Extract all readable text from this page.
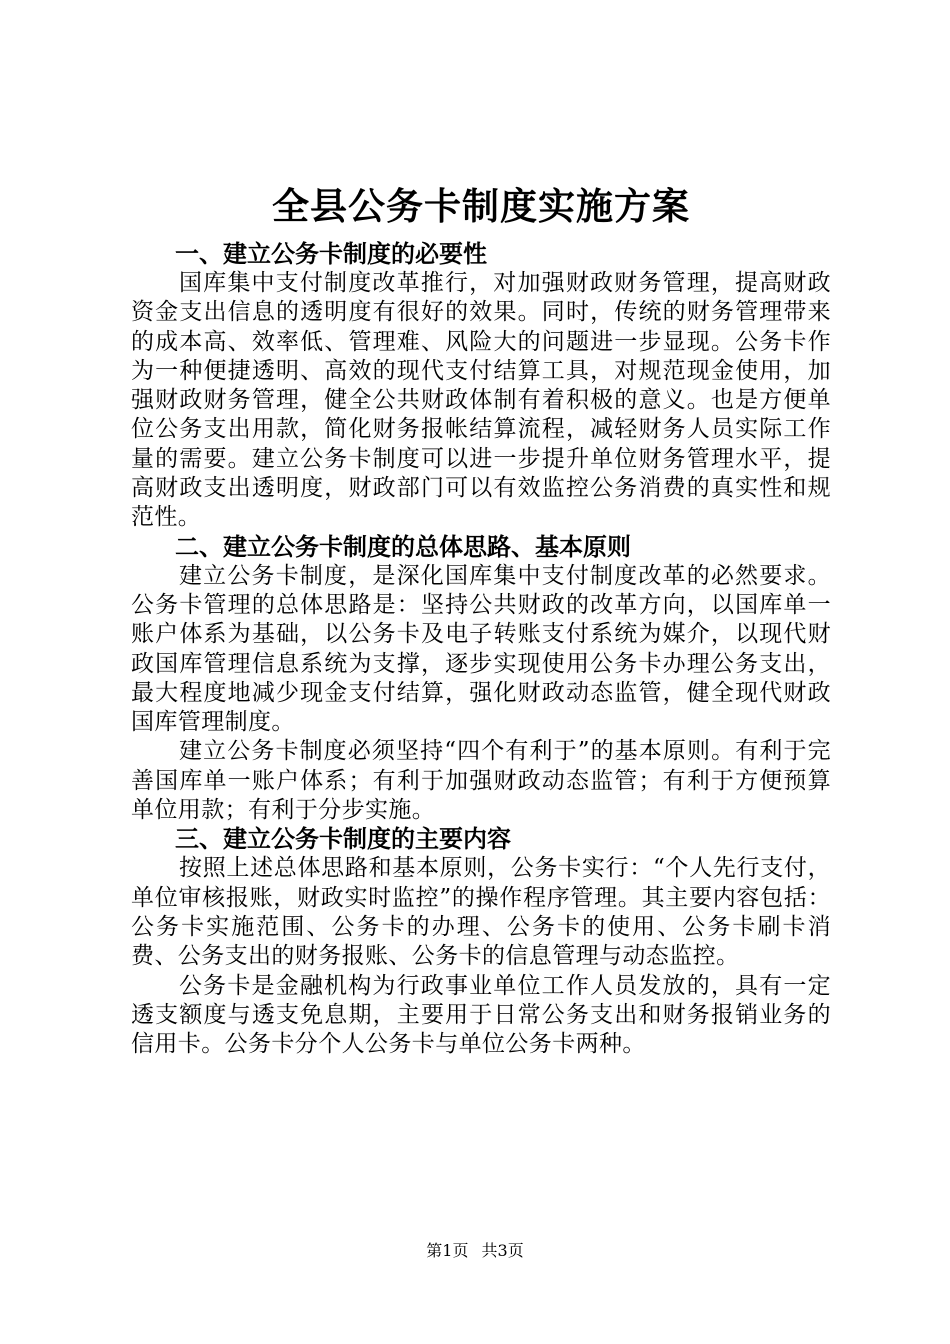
全县公务卡制度实施方案
一、建立公务卡制度的必要性

国库集中支付制度改革推行，对加强财政财务管理，提高财政资金支出信息的透明度有很好的效果。同时，传统的财务管理带来的成本高、效率低、管理难、风险大的问题进一步显现。公务卡作为一种便捷透明、高效的现代支付结算工具，对规范现金使用，加强财政财务管理，健全公共财政体制有着积极的意义。也是方便单位公务支出用款，简化财务报帐结算流程，减轻财务人员实际工作量的需要。建立公务卡制度可以进一步提升单位财务管理水平，提高财政支出透明度，财政部门可以有效监控公务消费的真实性和规范性。

二、建立公务卡制度的总体思路、基本原则

建立公务卡制度，是深化国库集中支付制度改革的必然要求。公务卡管理的总体思路是：坚持公共财政的改革方向，以国库单一账户体系为基础，以公务卡及电子转账支付系统为媒介，以现代财政国库管理信息系统为支撑，逐步实现使用公务卡办理公务支出，最大程度地减少现金支付结算，强化财政动态监管，健全现代财政国库管理制度。

建立公务卡制度必须坚持“四个有利于”的基本原则。有利于完善国库单一账户体系；有利于加强财政动态监管；有利于方便预算单位用款；有利于分步实施。

三、建立公务卡制度的主要内容

按照上述总体思路和基本原则，公务卡实行：“个人先行支付，单位审核报账，财政实时监控”的操作程序管理。其主要内容包括：公务卡实施范围、公务卡的办理、公务卡的使用、公务卡刷卡消费、公务支出的财务报账、公务卡的信息管理与动态监控。

公务卡是金融机构为行政事业单位工作人员发放的，具有一定透支额度与透支免息期，主要用于日常公务支出和财务报销业务的信用卡。公务卡分个人公务卡与单位公务卡两种。

第1页 共3页
